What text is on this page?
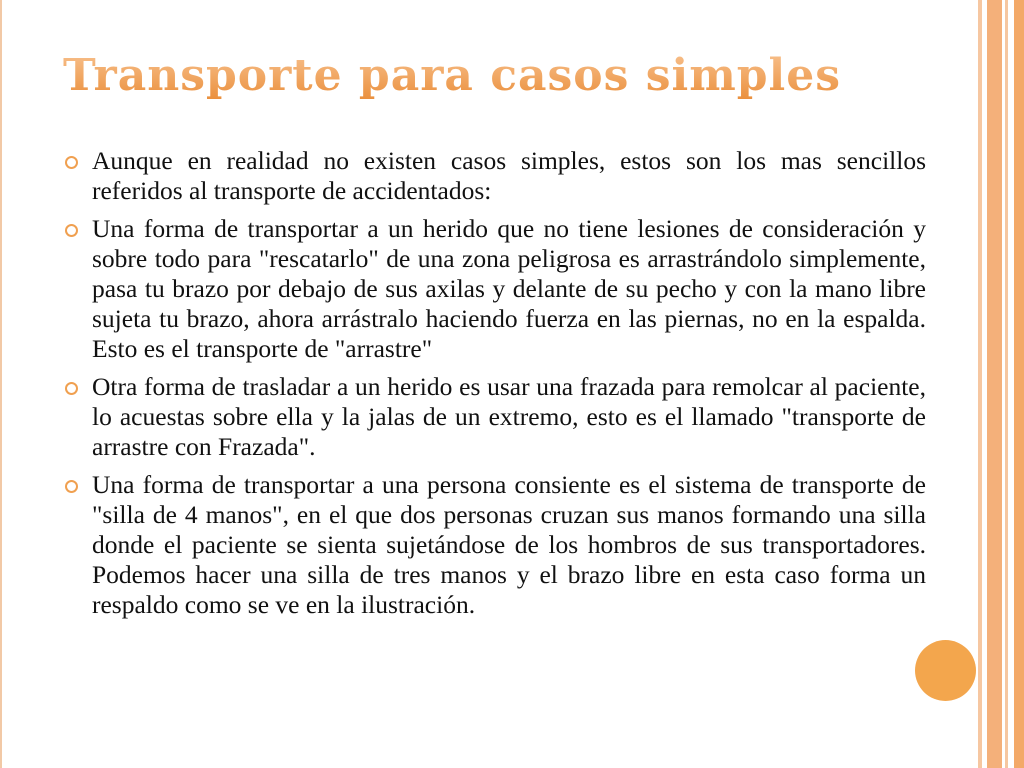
Transporte para casos simples
Aunque en realidad no existen casos simples, estos son los mas sencillos referidos al transporte de accidentados:
Una forma de transportar a un herido que no tiene lesiones de consideración y sobre todo para "rescatarlo" de una zona peligrosa es arrastrándolo simplemente, pasa tu brazo por debajo de sus axilas y delante de su pecho y con la mano libre sujeta tu brazo, ahora arrástralo haciendo fuerza en las piernas, no en la espalda. Esto es el transporte de "arrastre"
Otra forma de trasladar a un herido es usar una frazada para remolcar al paciente, lo acuestas sobre ella y la jalas de un extremo, esto es el llamado "transporte de arrastre con Frazada".
Una forma de transportar a una persona consiente es el sistema de transporte de "silla de 4 manos", en el que dos personas cruzan sus manos formando una silla donde el paciente se sienta sujetándose de los hombros de sus transportadores. Podemos hacer una silla de tres manos y el brazo libre en esta caso forma un respaldo como se ve en la ilustración.
